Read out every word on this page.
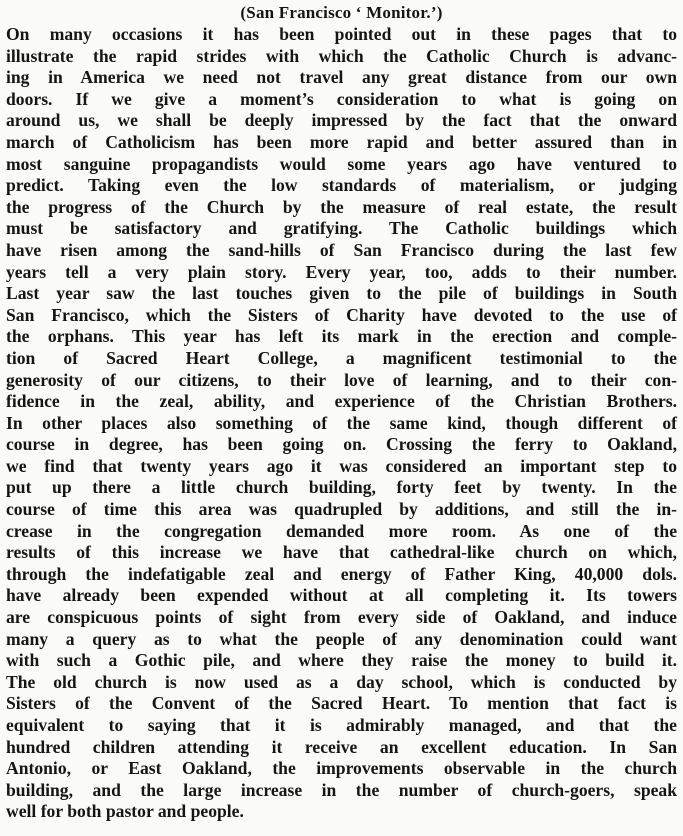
(San Francisco ‘ Monitor.’)
On many occasions it has been pointed out in these pages that to
illustrate the rapid strides with which the Catholic Church is advanc-
ing in America we need not travel any great distance from our own
doors. If we give a moment’s consideration to what is going on
around us, we shall be deeply impressed by the fact that the onward
march of Catholicism has been more rapid and better assured than in
most sanguine propagandists would some years ago have ventured to
predict. Taking even the low standards of materialism, or judging
the progress of the Church by the measure of real estate, the result
must be satisfactory and gratifying. The Catholic buildings which
have risen among the sand-hills of San Francisco during the last few
years tell a very plain story. Every year, too, adds to their number.
Last year saw the last touches given to the pile of buildings in South
San Francisco, which the Sisters of Charity have devoted to the use of
the orphans. This year has left its mark in the erection and comple-
tion of Sacred Heart College, a magnificent testimonial to the
generosity of our citizens, to their love of learning, and to their con-
fidence in the zeal, ability, and experience of the Christian Brothers.
In other places also something of the same kind, though different of
course in degree, has been going on. Crossing the ferry to Oakland,
we find that twenty years ago it was considered an important step to
put up there a little church building, forty feet by twenty. In the
course of time this area was quadrupled by additions, and still the in-
crease in the congregation demanded more room. As one of the
results of this increase we have that cathedral-like church on which,
through the indefatigable zeal and energy of Father King, 40,000 dols.
have already been expended without at all completing it. Its towers
are conspicuous points of sight from every side of Oakland, and induce
many a query as to what the people of any denomination could want
with such a Gothic pile, and where they raise the money to build it.
The old church is now used as a day school, which is conducted by
Sisters of the Convent of the Sacred Heart. To mention that fact is
equivalent to saying that it is admirably managed, and that the
hundred children attending it receive an excellent education. In San
Antonio, or East Oakland, the improvements observable in the church
building, and the large increase in the number of church-goers, speak
well for both pastor and people.
